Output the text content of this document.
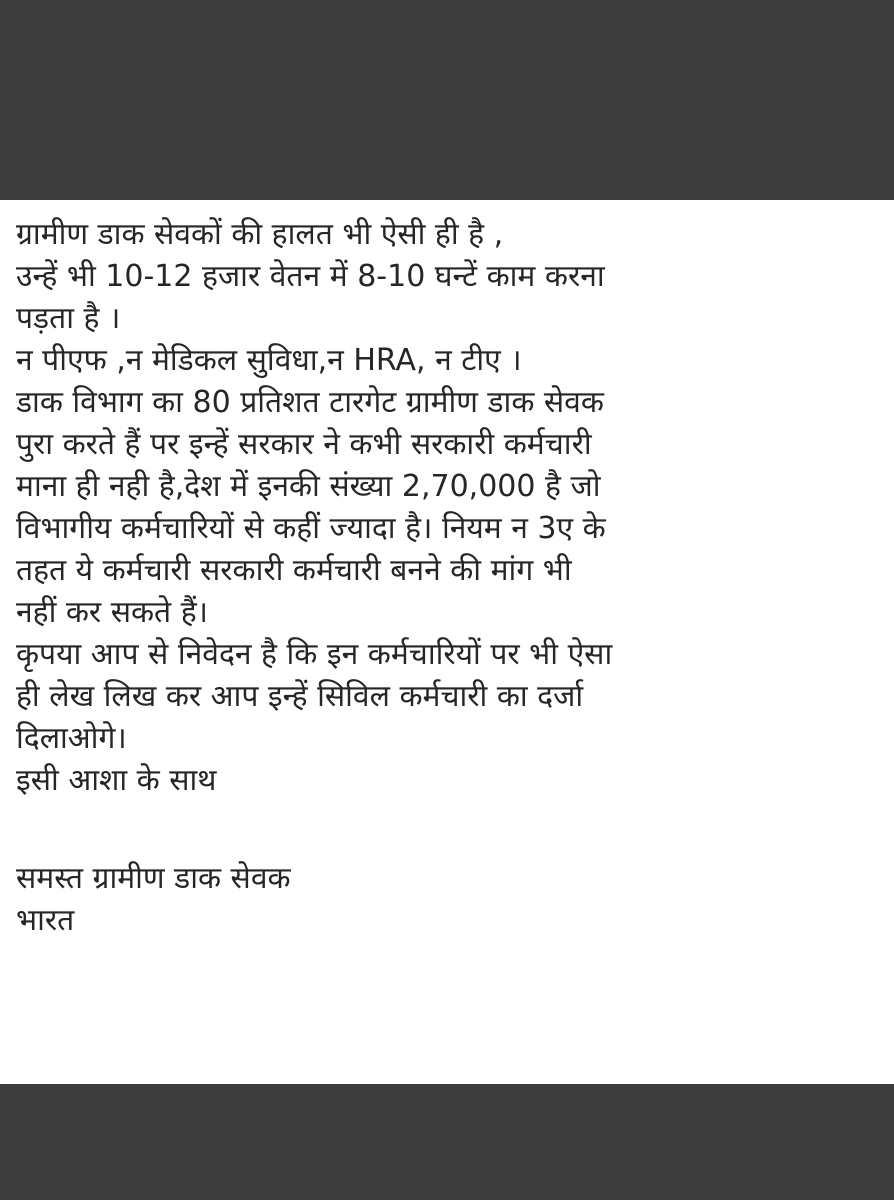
ग्रामीण डाक सेवकों की हालत भी ऐसी ही है ,
उन्हें भी 10-12 हजार वेतन में 8-10 घन्टें काम करना
पड़ता है ।
न पीएफ ,न मेडिकल सुविधा,न HRA, न टीए ।
डाक विभाग का 80 प्रतिशत टारगेट ग्रामीण डाक सेवक
पुरा करते हैं पर इन्हें सरकार ने कभी सरकारी कर्मचारी
माना ही नही है,देश में इनकी संख्या 2,70,000 है जो
विभागीय कर्मचारियों से कहीं ज्यादा है। नियम न 3ए के
तहत ये कर्मचारी सरकारी कर्मचारी बनने की मांग भी
नहीं कर सकते हैं।
कृपया आप से निवेदन है कि इन कर्मचारियों पर भी ऐसा
ही लेख लिख कर आप इन्हें सिविल कर्मचारी का दर्जा
दिलाओगे।
इसी आशा के साथ
समस्त ग्रामीण डाक सेवक
भारत
